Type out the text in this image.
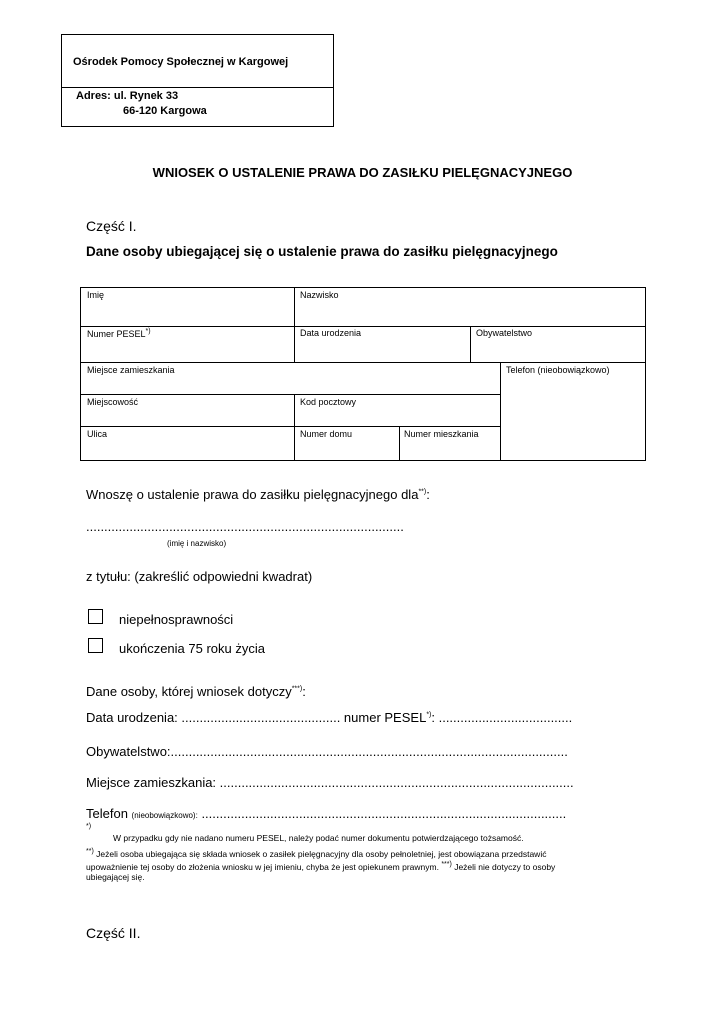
Ośrodek Pomocy Społecznej w Kargowej
Adres: ul. Rynek 33
66-120 Kargowa
WNIOSEK O USTALENIE PRAWA DO ZASIŁKU PIELĘGNACYJNEGO
Część I.
Dane osoby ubiegającej się o ustalenie prawa do zasiłku pielęgnacyjnego
Imię	Nazwisko
Numer PESEL*)	Data urodzenia	Obywatelstwo
Miejsce zamieszkania	Telefon (nieobowiązkowo)
Miejscowość	Kod pocztowy
Ulica	Numer domu	Numer mieszkania
Wnoszę o ustalenie prawa do zasiłku pielęgnacyjnego dla**):
........................................................................................
(imię i nazwisko)
z tytułu: (zakreślić odpowiedni kwadrat)
niepełnosprawności
ukończenia 75 roku życia
Dane osoby, której wniosek dotyczy***):
Data urodzenia: ............................................ numer PESEL*): .....................................
Obywatelstwo:..............................................................................................................
Miejsce zamieszkania: ..................................................................................................
Telefon (nieobowiązkowo): .....................................................................................................
*)
W przypadku gdy nie nadano numeru PESEL, należy podać numer dokumentu potwierdzającego tożsamość.
**) Jeżeli osoba ubiegająca się składa wniosek o zasiłek pielęgnacyjny dla osoby pełnoletniej, jest obowiązana przedstawić
upoważnienie tej osoby do złożenia wniosku w jej imieniu, chyba że jest opiekunem prawnym. ***) Jeżeli nie dotyczy to osoby
ubiegającej się.
Część II.
